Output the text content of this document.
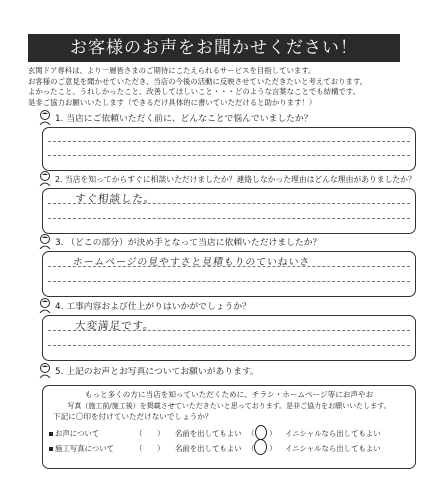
お客様のお声をお聞かせください！
玄関ドア専科は、より一層皆さまのご期待にこたえられるサービスを目指しています。
お客様のご意見を聞かせていただき、当店の今後の活動に反映させていただきたいと考えております。
よかったこと、うれしかったこと、改善してほしいこと・・・どのような言葉なことでも結構です。
是非ご協力お願いいたします（できるだけ具体的に書いていただけると助かります！）
1. 当店にご依頼いただく前に、どんなことで悩んでいましたか？
2. 当店を知ってからすぐに相談いただけましたか？連絡しなかった理由はどんな理由がありましたか？
すぐ相談した。
3. （どこの部分）が決め手となって当店に依頼いただけましたか？
ホームページの見やすさと見積もりのていねいさ
4. 工事内容および仕上がりはいかがでしょうか？
大変満足です。
5. 上記のお声とお写真についてお願いがあります。
もっと多くの方に当店を知っていただくために、チラシ・ホームページ等にお声やお
写真（施工前/施工後）を掲載させていただきたいと思っております。是非ご協力をお願いいたします。
下記に〇印を付けていただけないでしょうか？
お声について	（　　） 名前を出してもよい （　　） イニシャルなら出してもよい
施工写真について	（　　） 名前を出してもよい （　　） イニシャルなら出してもよい
